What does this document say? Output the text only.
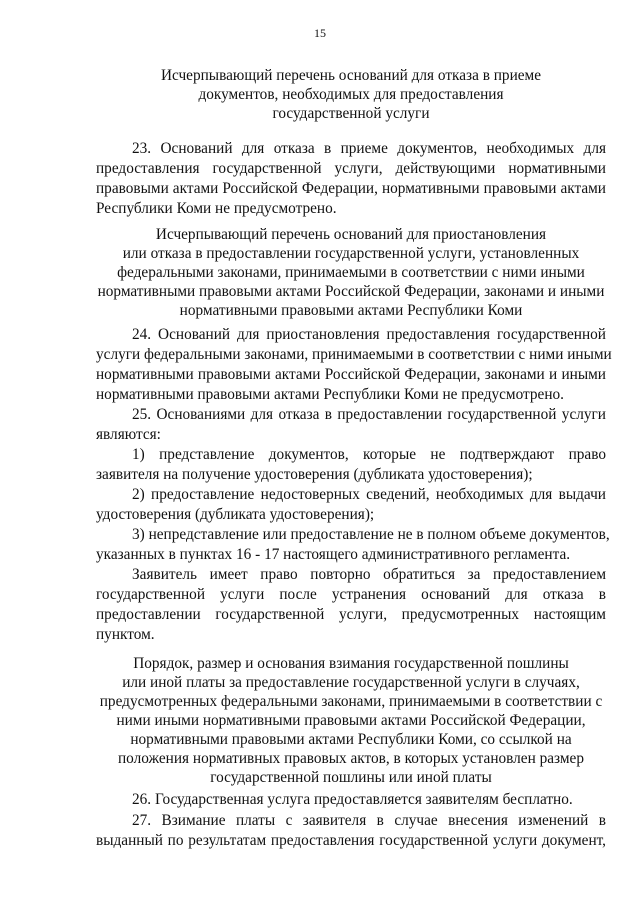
15
Исчерпывающий перечень оснований для отказа в приеме
документов, необходимых для предоставления
государственной услуги
23. Оснований для отказа в приеме документов, необходимых для
предоставления государственной услуги, действующими нормативными
правовыми актами Российской Федерации, нормативными правовыми актами
Республики Коми не предусмотрено.
Исчерпывающий перечень оснований для приостановления
или отказа в предоставлении государственной услуги, установленных
федеральными законами, принимаемыми в соответствии с ними иными
нормативными правовыми актами Российской Федерации, законами и иными
нормативными правовыми актами Республики Коми
24. Оснований для приостановления предоставления государственной
услуги федеральными законами, принимаемыми в соответствии с ними иными
нормативными правовыми актами Российской Федерации, законами и иными
нормативными правовыми актами Республики Коми не предусмотрено.
25. Основаниями для отказа в предоставлении государственной услуги
являются:
1) представление документов, которые не подтверждают право
заявителя на получение удостоверения (дубликата удостоверения);
2) предоставление недостоверных сведений, необходимых для выдачи
удостоверения (дубликата удостоверения);
3) непредставление или предоставление не в полном объеме документов,
указанных в пунктах 16 - 17 настоящего административного регламента.
Заявитель имеет право повторно обратиться за предоставлением
государственной услуги после устранения оснований для отказа в
предоставлении государственной услуги, предусмотренных настоящим
пунктом.
Порядок, размер и основания взимания государственной пошлины
или иной платы за предоставление государственной услуги в случаях,
предусмотренных федеральными законами, принимаемыми в соответствии с
ними иными нормативными правовыми актами Российской Федерации,
нормативными правовыми актами Республики Коми, со ссылкой на
положения нормативных правовых актов, в которых установлен размер
государственной пошлины или иной платы
26. Государственная услуга предоставляется заявителям бесплатно.
27. Взимание платы с заявителя в случае внесения изменений в
выданный по результатам предоставления государственной услуги документ,
